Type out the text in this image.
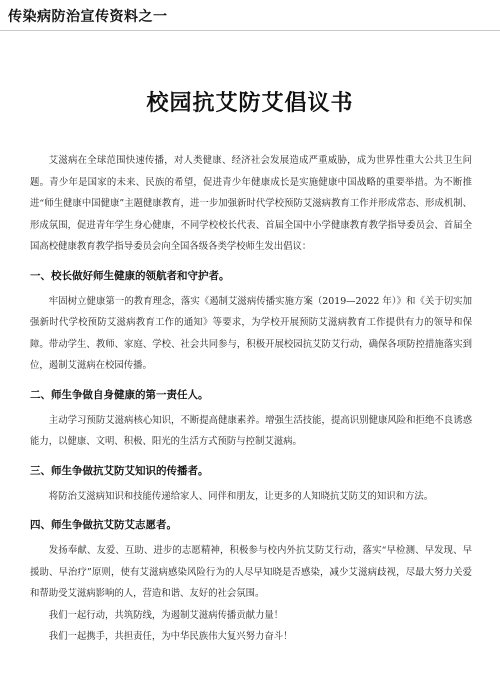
传染病防治宣传资料之一
校园抗艾防艾倡议书

艾滋病在全球范围快速传播，对人类健康、经济社会发展造成严重威胁，成为世界性重大公共卫生问题。青少年是国家的未来、民族的希望，促进青少年健康成长是实施健康中国战略的重要举措。为不断推进“师生健康中国健康”主题健康教育，进一步加强新时代学校预防艾滋病教育工作并形成常态、形成机制、形成氛围，促进青年学生身心健康，不同学校校长代表、首届全国中小学健康教育教学指导委员会、首届全国高校健康教育教学指导委员会向全国各级各类学校师生发出倡议：

一、校长做好师生健康的领航者和守护者。

牢固树立健康第一的教育理念，落实《遏制艾滋病传播实施方案（2019—2022 年）》和《关于切实加强新时代学校预防艾滋病教育工作的通知》等要求，为学校开展预防艾滋病教育工作提供有力的领导和保障。带动学生、教师、家庭、学校、社会共同参与，积极开展校园抗艾防艾行动，确保各项防控措施落实到位，遏制艾滋病在校园传播。

二、师生争做自身健康的第一责任人。

主动学习预防艾滋病核心知识，不断提高健康素养。增强生活技能，提高识别健康风险和拒绝不良诱惑能力，以健康、文明、积极、阳光的生活方式预防与控制艾滋病。

三、师生争做抗艾防艾知识的传播者。

将防治艾滋病知识和技能传递给家人、同伴和朋友，让更多的人知晓抗艾防艾的知识和方法。

四、师生争做抗艾防艾志愿者。

发扬奉献、友爱、互助、进步的志愿精神，积极参与校内外抗艾防艾行动，落实“早检测、早发现、早援助、早治疗”原则，使有艾滋病感染风险行为的人尽早知晓是否感染，减少艾滋病歧视，尽最大努力关爱和帮助受艾滋病影响的人，营造和谐、友好的社会氛围。

我们一起行动，共筑防线，为遏制艾滋病传播贡献力量！

我们一起携手，共担责任，为中华民族伟大复兴努力奋斗！
